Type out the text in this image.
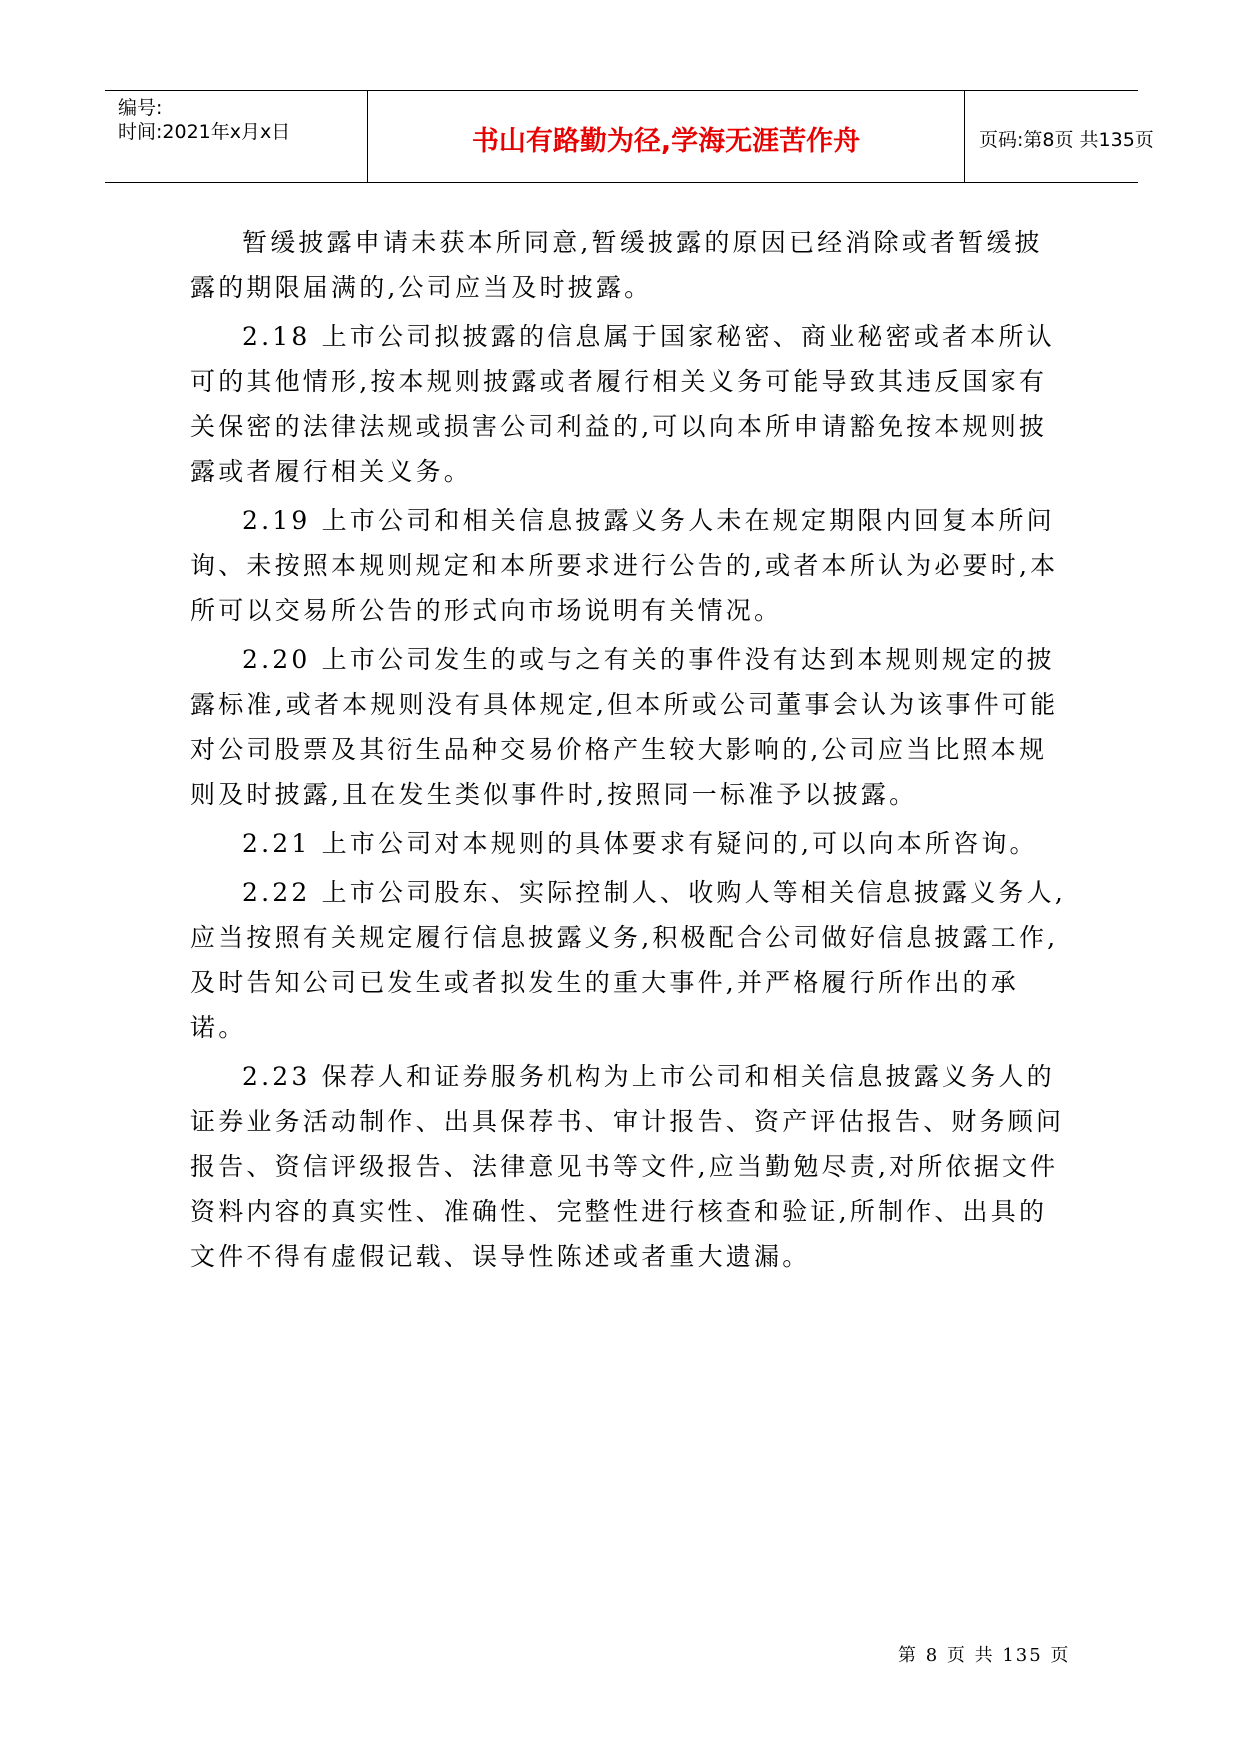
编号:
时间:2021年x月x日	书山有路勤为径,学海无涯苦作舟	页码:第8页 共135页

暂缓披露申请未获本所同意,暂缓披露的原因已经消除或者暂缓披露的期限届满的,公司应当及时披露。

2.18 上市公司拟披露的信息属于国家秘密、商业秘密或者本所认可的其他情形,按本规则披露或者履行相关义务可能导致其违反国家有关保密的法律法规或损害公司利益的,可以向本所申请豁免按本规则披露或者履行相关义务。

2.19 上市公司和相关信息披露义务人未在规定期限内回复本所问询、未按照本规则规定和本所要求进行公告的,或者本所认为必要时,本所可以交易所公告的形式向市场说明有关情况。

2.20 上市公司发生的或与之有关的事件没有达到本规则规定的披露标准,或者本规则没有具体规定,但本所或公司董事会认为该事件可能对公司股票及其衍生品种交易价格产生较大影响的,公司应当比照本规则及时披露,且在发生类似事件时,按照同一标准予以披露。

2.21 上市公司对本规则的具体要求有疑问的,可以向本所咨询。

2.22 上市公司股东、实际控制人、收购人等相关信息披露义务人,应当按照有关规定履行信息披露义务,积极配合公司做好信息披露工作,及时告知公司已发生或者拟发生的重大事件,并严格履行所作出的承诺。

2.23 保荐人和证券服务机构为上市公司和相关信息披露义务人的证券业务活动制作、出具保荐书、审计报告、资产评估报告、财务顾问报告、资信评级报告、法律意见书等文件,应当勤勉尽责,对所依据文件资料内容的真实性、准确性、完整性进行核查和验证,所制作、出具的文件不得有虚假记载、误导性陈述或者重大遗漏。

第 8 页 共 135 页
